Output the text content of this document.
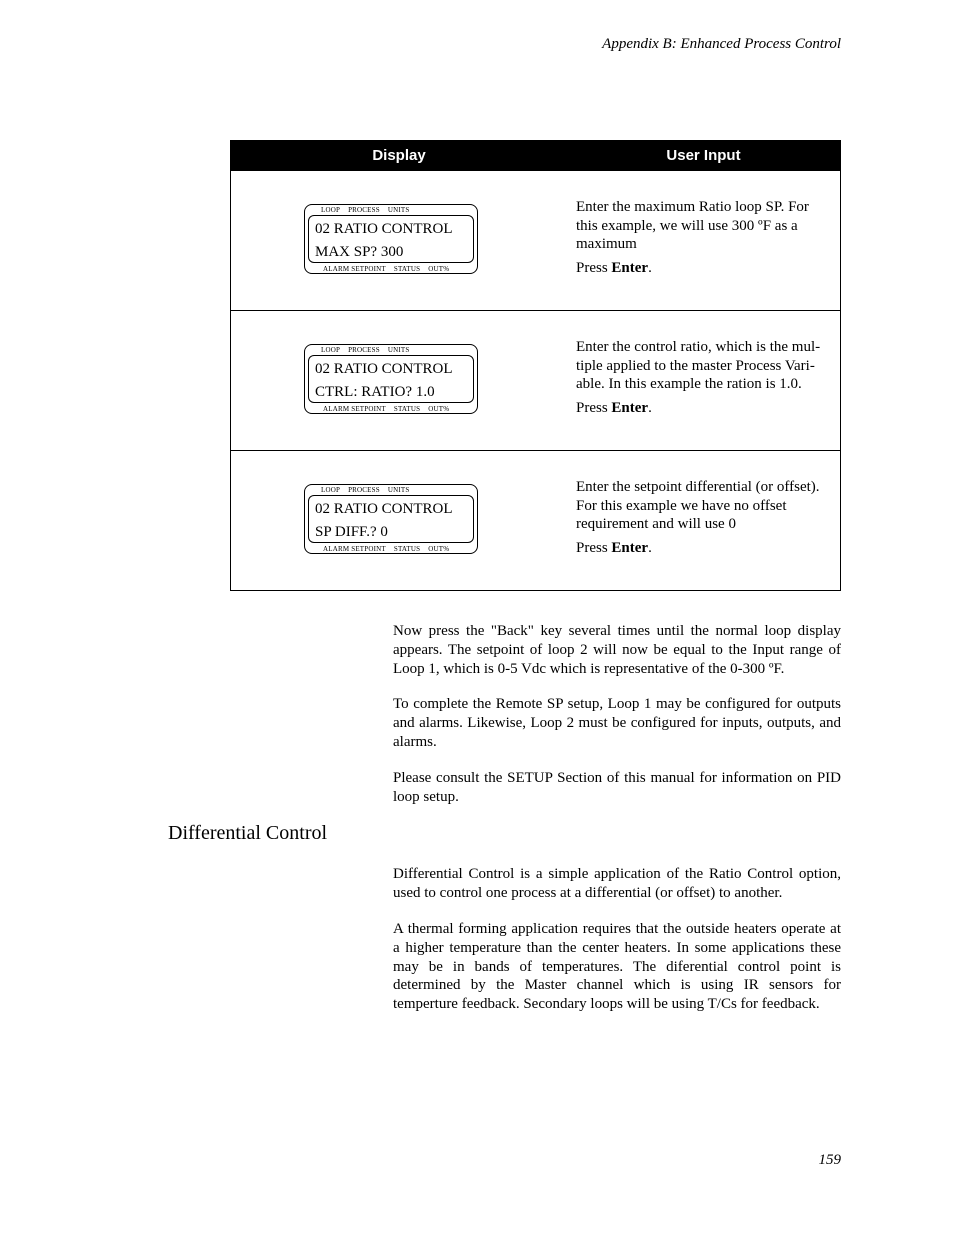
Appendix B: Enhanced Process Control
Display	User Input
LOOP PROCESS UNITS
02 RATIO CONTROL
MAX SP? 300
ALARM SETPOINT STATUS OUT%
Enter the maximum Ratio loop SP. For this example, we will use 300 ºF as a maximum
Press Enter.
LOOP PROCESS UNITS
02 RATIO CONTROL
CTRL: RATIO? 1.0
ALARM SETPOINT STATUS OUT%
Enter the control ratio, which is the mul-tiple applied to the master Process Vari-able. In this example the ration is 1.0.
Press Enter.
LOOP PROCESS UNITS
02 RATIO CONTROL
SP DIFF.? 0
ALARM SETPOINT STATUS OUT%
Enter the setpoint differential (or offset). For this example we have no offset requirement and will use 0
Press Enter.

Now press the "Back" key several times until the normal loop display appears. The setpoint of loop 2 will now be equal to the Input range of Loop 1, which is 0-5 Vdc which is representative of the 0-300 ºF.

To complete the Remote SP setup, Loop 1 may be configured for outputs and alarms. Likewise, Loop 2 must be configured for inputs, outputs, and alarms.

Please consult the SETUP Section of this manual for information on PID loop setup.

Differential Control

Differential Control is a simple application of the Ratio Control option, used to control one process at a differential (or offset) to another.

A thermal forming application requires that the outside heaters operate at a higher temperature than the center heaters. In some applications these may be in bands of temperatures. The diferential control point is determined by the Master channel which is using IR sensors for temperture feedback. Secondary loops will be using T/Cs for feedback.

159
